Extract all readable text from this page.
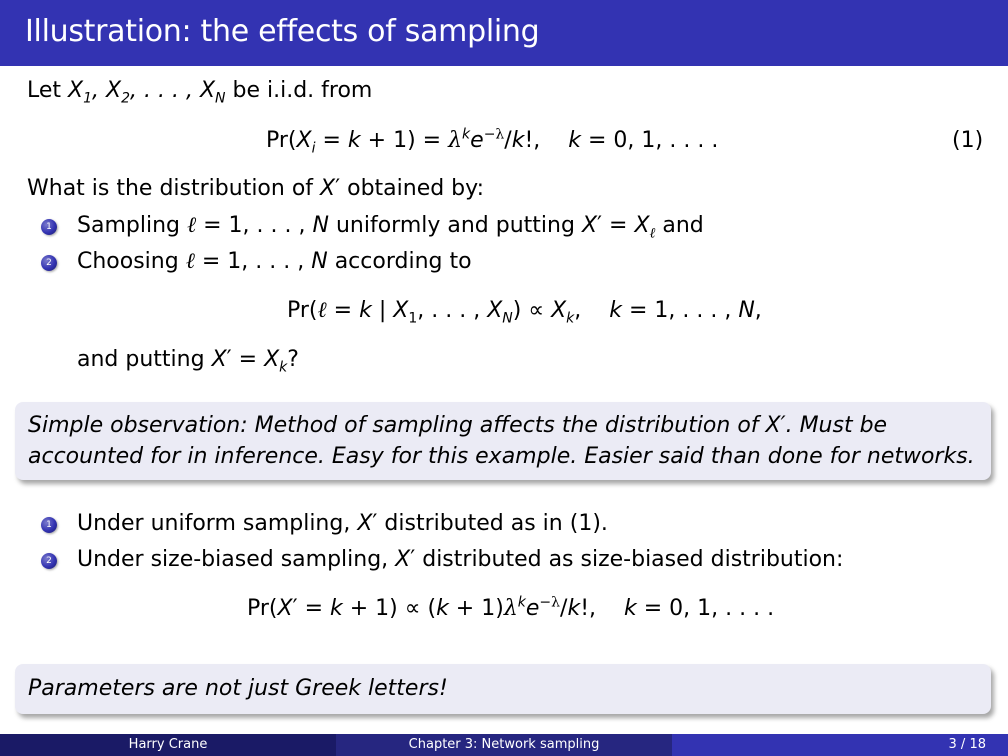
Illustration: the effects of sampling
Let $X_1$, $X_2$, . . . , $X_N$ be i.i.d. from
$Pr(X_i = k + 1) = \lambda^ke^{-\lambda}/k$!,    k = 0, 1, . . . .	(1)
What is the distribution of X′ obtained by:
1 Sampling ℓ = 1, . . . , N uniformly and putting $X' = X_\ell$ and
2 Choosing ℓ = 1, . . . , N according to
Pr(ℓ = k | $X_1$, . . . , $X_N) \propto X_k$,    k = 1, . . . , N,
and putting $X' = X_k$?
Simple observation: Method of sampling affects the distribution of X′. Must be
accounted for in inference. Easy for this example. Easier said than done for networks.
1 Under uniform sampling, X′ distributed as in (1).
2 Under size-biased sampling, X′ distributed as size-biased distribution:
$Pr(X' = k + 1) \propto (k + 1)\lambda^ke^{-\lambda}/k$!,    k = 0, 1, . . . .
Parameters are not just Greek letters!
Harry Crane	Chapter 3: Network sampling	3 / 18
